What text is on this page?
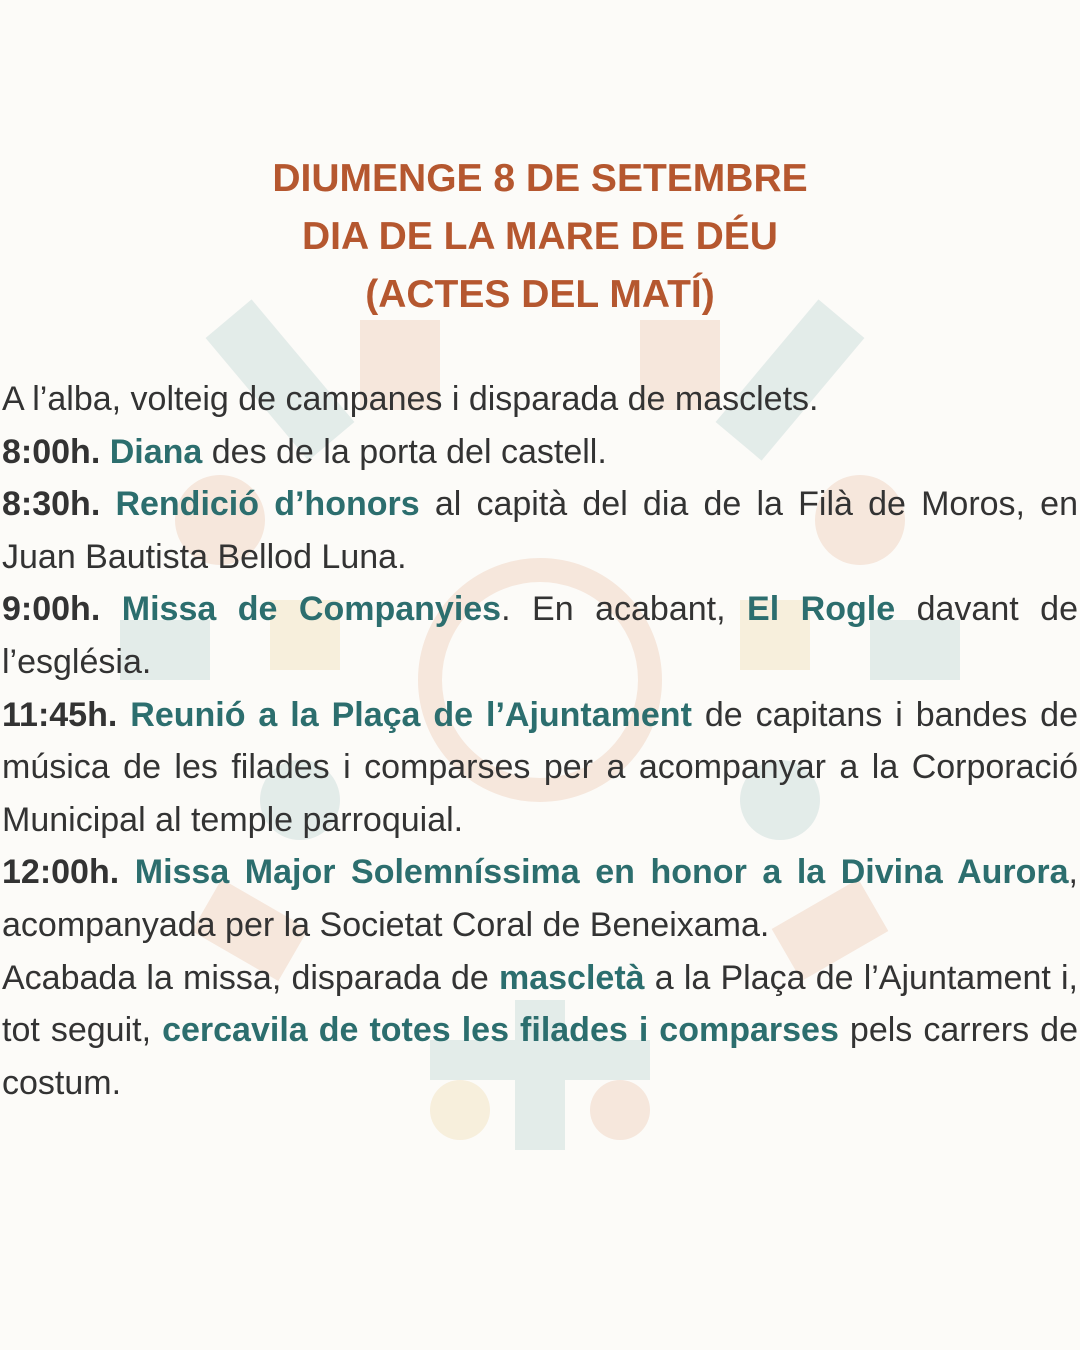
DIUMENGE 8 DE SETEMBRE
DIA DE LA MARE DE DÉU
(ACTES DEL MATÍ)

A l’alba, volteig de campanes i disparada de masclets.

8:00h. Diana des de la porta del castell.

8:30h. Rendició d’honors al capità del dia de la Filà de Moros, en Juan Bautista Bellod Luna.

9:00h. Missa de Companyies. En acabant, El Rogle davant de l’església.

11:45h. Reunió a la Plaça de l’Ajuntament de capitans i bandes de música de les filades i comparses per a acompanyar a la Corporació Municipal al temple parroquial.

12:00h. Missa Major Solemníssima en honor a la Divina Aurora, acompanyada per la Societat Coral de Beneixama.

Acabada la missa, disparada de mascletà a la Plaça de l’Ajuntament i, tot seguit, cercavila de totes les filades i comparses pels carrers de costum.
